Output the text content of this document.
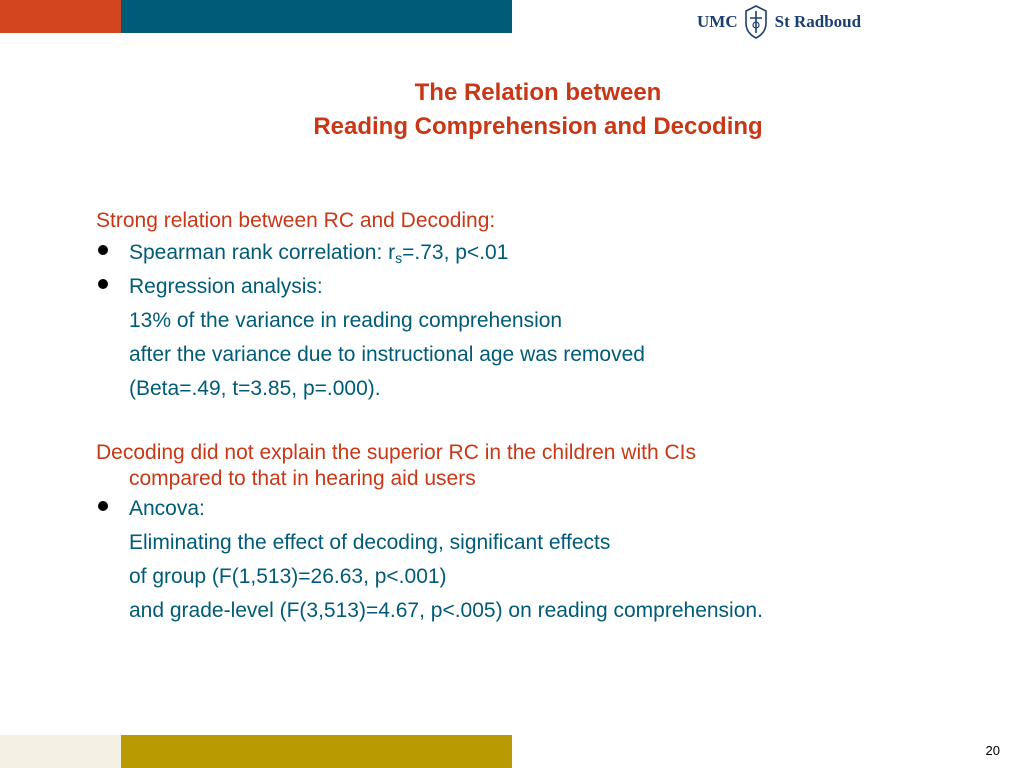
UMC St Radboud
The Relation between
Reading Comprehension and Decoding
Strong relation between RC and Decoding:
Spearman rank correlation: $r_s=.73$, p<.01
Regression analysis:
13% of the variance in reading comprehension
after the variance due to instructional age was removed
(Beta=.49, t=3.85, p=.000).
Decoding did not explain the superior RC in the children with CIs
compared to that in hearing aid users
Ancova:
Eliminating the effect of decoding, significant effects
of group (F(1,513)=26.63, p<.001)
and grade-level (F(3,513)=4.67, p<.005) on reading comprehension.
20
